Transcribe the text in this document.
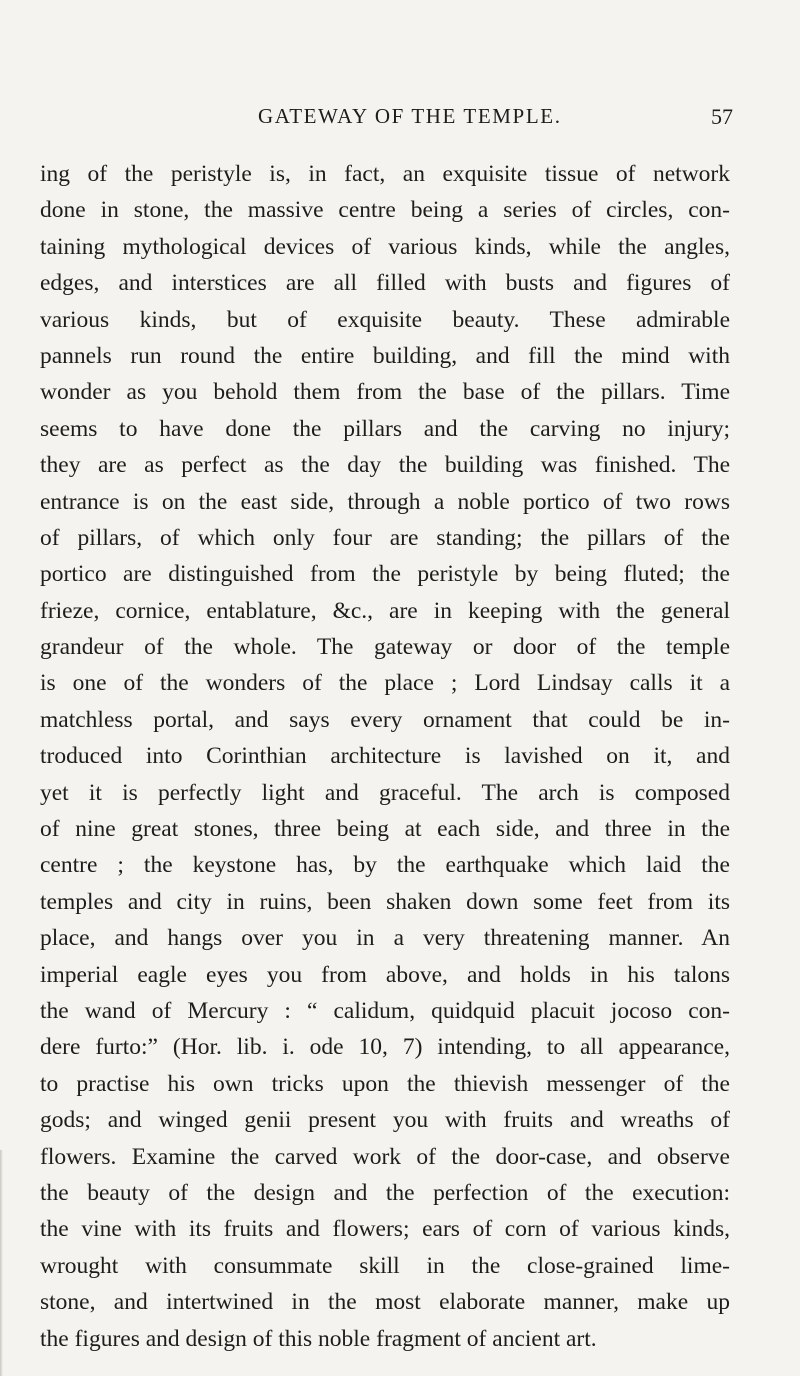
GATEWAY OF THE TEMPLE.	57
ing of the peristyle is, in fact, an exquisite tissue of network
done in stone, the massive centre being a series of circles, con-
taining mythological devices of various kinds, while the angles,
edges, and interstices are all filled with busts and figures of
various kinds, but of exquisite beauty. These admirable
pannels run round the entire building, and fill the mind with
wonder as you behold them from the base of the pillars. Time
seems to have done the pillars and the carving no injury;
they are as perfect as the day the building was finished. The
entrance is on the east side, through a noble portico of two rows
of pillars, of which only four are standing; the pillars of the
portico are distinguished from the peristyle by being fluted; the
frieze, cornice, entablature, &c., are in keeping with the general
grandeur of the whole. The gateway or door of the temple
is one of the wonders of the place ; Lord Lindsay calls it a
matchless portal, and says every ornament that could be in-
troduced into Corinthian architecture is lavished on it, and
yet it is perfectly light and graceful. The arch is composed
of nine great stones, three being at each side, and three in the
centre ; the keystone has, by the earthquake which laid the
temples and city in ruins, been shaken down some feet from its
place, and hangs over you in a very threatening manner. An
imperial eagle eyes you from above, and holds in his talons
the wand of Mercury : “ calidum, quidquid placuit jocoso con-
dere furto:” (Hor. lib. i. ode 10, 7) intending, to all appearance,
to practise his own tricks upon the thievish messenger of the
gods; and winged genii present you with fruits and wreaths of
flowers. Examine the carved work of the door-case, and observe
the beauty of the design and the perfection of the execution:
the vine with its fruits and flowers; ears of corn of various kinds,
wrought with consummate skill in the close-grained lime-
stone, and intertwined in the most elaborate manner, make up
the figures and design of this noble fragment of ancient art.
